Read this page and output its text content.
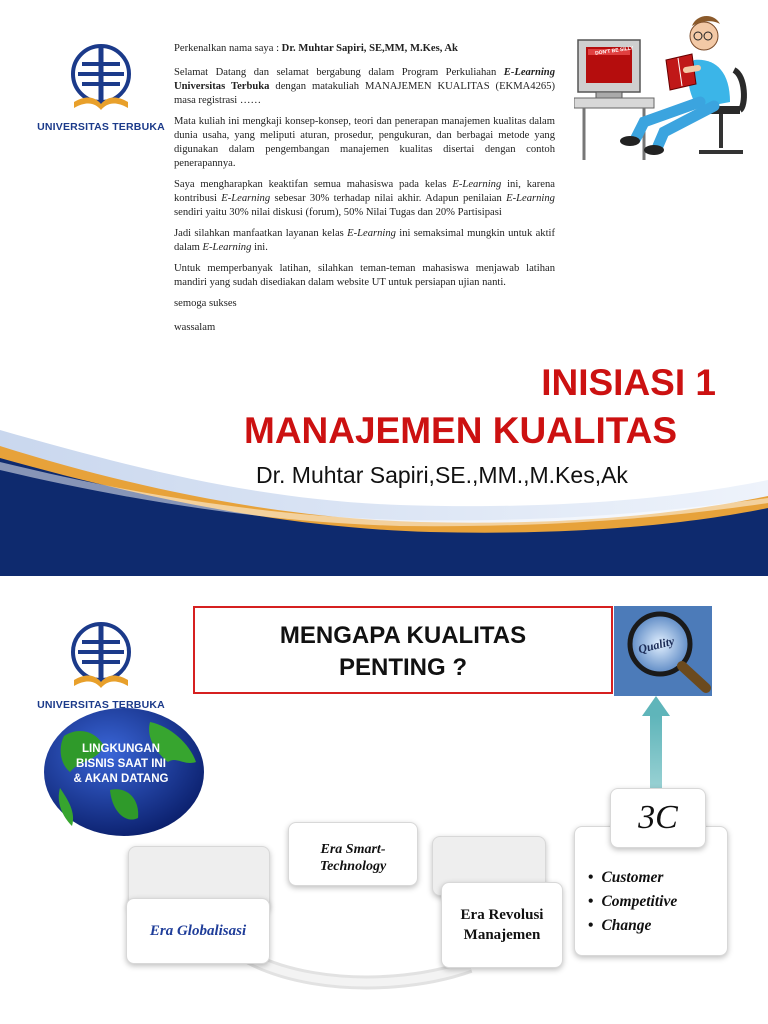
UNIVERSITAS TERBUKA

Perkenalkan nama saya : Dr. Muhtar Sapiri, SE,MM, M.Kes, Ak

Selamat Datang dan selamat bergabung dalam Program Perkuliahan E-Learning Universitas Terbuka dengan matakuliah MANAJEMEN KUALITAS (EKMA4265) masa registrasi ……

Mata kuliah ini mengkaji konsep-konsep, teori dan penerapan manajemen kualitas dalam dunia usaha, yang meliputi aturan, prosedur, pengukuran, dan berbagai metode yang digunakan dalam pengembangan manajemen kualitas disertai dengan contoh penerapannya.

Saya mengharapkan keaktifan semua mahasiswa pada kelas E-Learning ini, karena kontribusi E-Learning sebesar 30% terhadap nilai akhir. Adapun penilaian E-Learning sendiri yaitu 30% nilai diskusi (forum), 50% Nilai Tugas dan 20% Partisipasi

Jadi silahkan manfaatkan layanan kelas E-Learning ini semaksimal mungkin untuk aktif dalam E-Learning ini.

Untuk memperbanyak latihan, silahkan teman-teman mahasiswa menjawab latihan mandiri yang sudah disediakan dalam website UT untuk persiapan ujian nanti.

semoga sukses

wassalam

DON'T BE SILLY
INISIASI 1
MANAJEMEN KUALITAS
Dr. Muhtar Sapiri,SE.,MM.,M.Kes,Ak
Quality
UNIVERSITAS TERBUKA
MENGAPA KUALITAS
PENTING ?
LINGKUNGAN
BISNIS SAAT INI
& AKAN DATANG
Era Globalisasi
Era Smart-
Technology
Era Revolusi
Manajemen
• Customer
• Competitive
• Change
3C
